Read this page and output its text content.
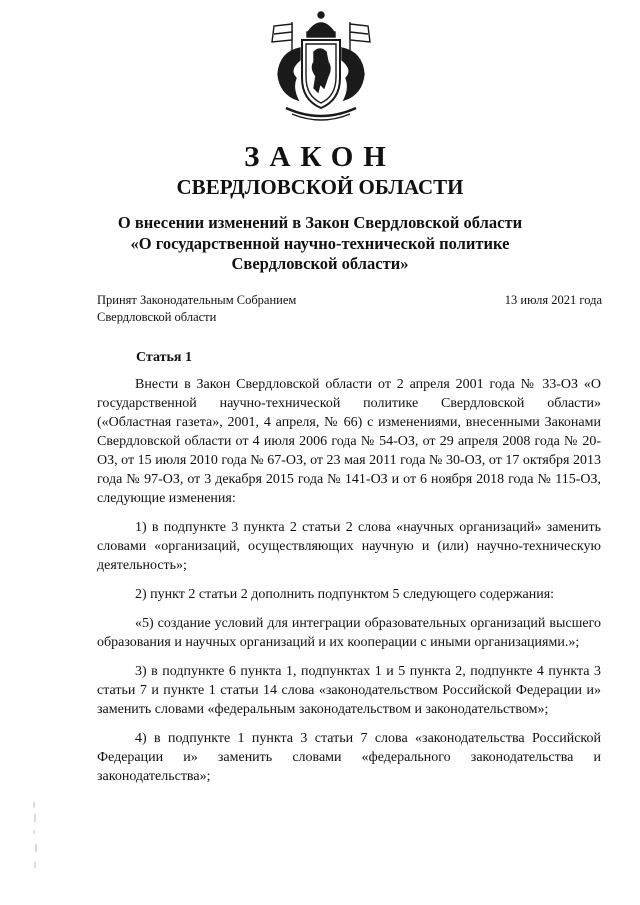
ЗАКОН
СВЕРДЛОВСКОЙ ОБЛАСТИ
О внесении изменений в Закон Свердловской области
«О государственной научно-технической политике
Свердловской области»
Принят Законодательным Собранием
Свердловской области
13 июля 2021 года
Статья 1

Внести в Закон Свердловской области от 2 апреля 2001 года № 33-ОЗ «О государственной научно-технической политике Свердловской области» («Областная газета», 2001, 4 апреля, № 66) с изменениями, внесенными Законами Свердловской области от 4 июля 2006 года № 54-ОЗ, от 29 апреля 2008 года № 20-ОЗ, от 15 июля 2010 года № 67-ОЗ, от 23 мая 2011 года № 30-ОЗ, от 17 октября 2013 года № 97-ОЗ, от 3 декабря 2015 года № 141-ОЗ и от 6 ноября 2018 года № 115-ОЗ, следующие изменения:

1) в подпункте 3 пункта 2 статьи 2 слова «научных организаций» заменить словами «организаций, осуществляющих научную и (или) научно-техническую деятельность»;

2) пункт 2 статьи 2 дополнить подпунктом 5 следующего содержания:

«5) создание условий для интеграции образовательных организаций высшего образования и научных организаций и их кооперации с иными организациями.»;

3) в подпункте 6 пункта 1, подпунктах 1 и 5 пункта 2, подпункте 4 пункта 3 статьи 7 и пункте 1 статьи 14 слова «законодательством Российской Федерации и» заменить словами «федеральным законодательством и законодательством»;

4) в подпункте 1 пункта 3 статьи 7 слова «законодательства Российской Федерации и» заменить словами «федерального законодательства и законодательства»;
